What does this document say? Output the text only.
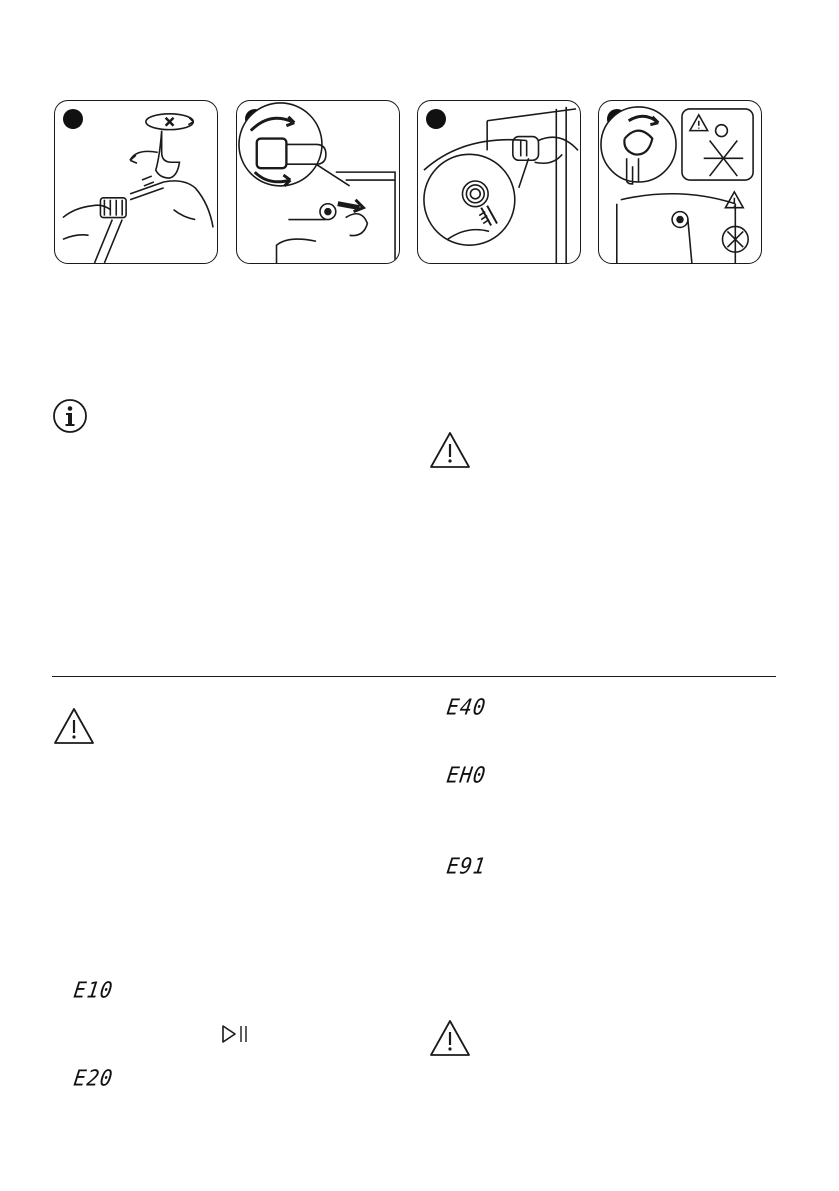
E10
E20
E40
EH0
E91
